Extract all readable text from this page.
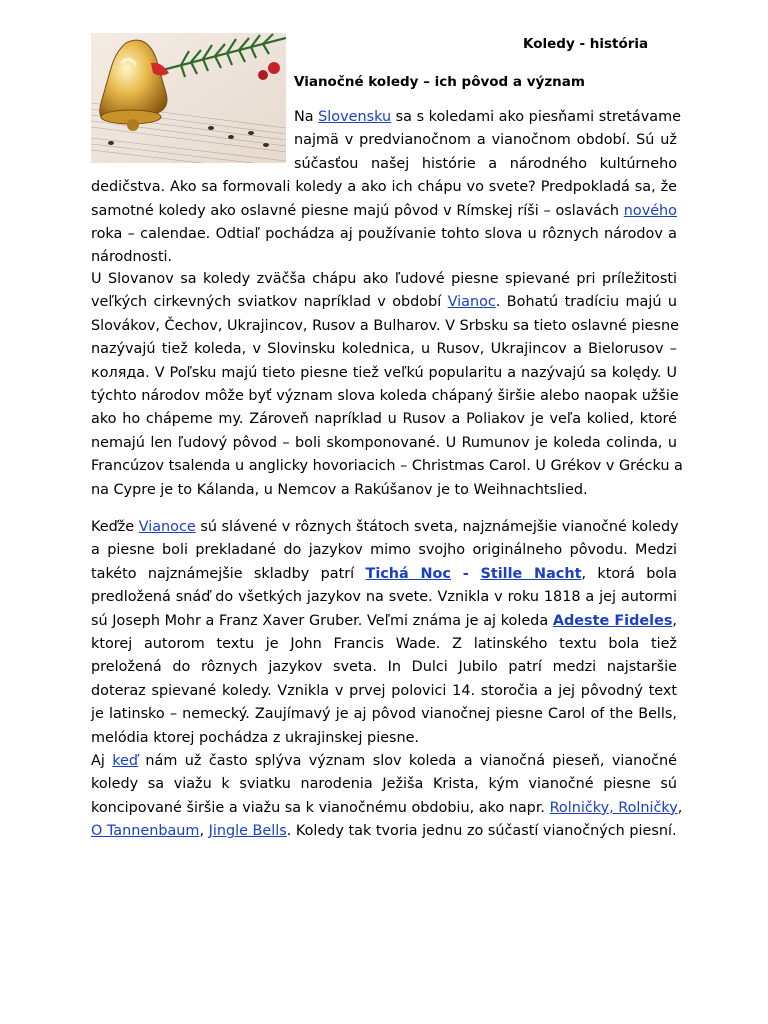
Koledy - história
Vianočné koledy – ich pôvod a význam
Na Slovensku sa s koledami ako piesňami stretávame
najmä v predvianočnom a vianočnom období. Sú už
súčasťou našej histórie a národného kultúrneho
dedičstva. Ako sa formovali koledy a ako ich chápu vo svete? Predpokladá sa, že
samotné koledy ako oslavné piesne majú pôvod v Rímskej ríši – oslavách nového
roka – calendae. Odtiaľ pochádza aj používanie tohto slova u rôznych národov a
národnosti.
U Slovanov sa koledy zväčša chápu ako ľudové piesne spievané pri príležitosti
veľkých cirkevných sviatkov napríklad v období Vianoc. Bohatú tradíciu majú u
Slovákov, Čechov, Ukrajincov, Rusov a Bulharov. V Srbsku sa tieto oslavné piesne
nazývajú tiež koleda, v Slovinsku kolednica, u Rusov, Ukrajincov a Bielorusov –
коляда. V Poľsku majú tieto piesne tiež veľkú popularitu a nazývajú sa kolędy. U
týchto národov môže byť význam slova koleda chápaný širšie alebo naopak užšie
ako ho chápeme my. Zároveň napríklad u Rusov a Poliakov je veľa kolied, ktoré
nemajú len ľudový pôvod – boli skomponované. U Rumunov je koleda colinda, u
Francúzov tsalenda u anglicky hovoriacich – Christmas Carol. U Grékov v Grécku a
na Cypre je to Kálanda, u Nemcov a Rakúšanov je to Weihnachtslied.
Keďže Vianoce sú slávené v rôznych štátoch sveta, najznámejšie vianočné koledy
a piesne boli prekladané do jazykov mimo svojho originálneho pôvodu. Medzi
takéto najznámejšie skladby patrí Tichá Noc - Stille Nacht, ktorá bola
predložená snáď do všetkých jazykov na svete. Vznikla v roku 1818 a jej autormi
sú Joseph Mohr a Franz Xaver Gruber. Veľmi známa je aj koleda Adeste Fideles,
ktorej autorom textu je John Francis Wade. Z latinského textu bola tiež
preložená do rôznych jazykov sveta. In Dulci Jubilo patrí medzi najstaršie
doteraz spievané koledy. Vznikla v prvej polovici 14. storočia a jej pôvodný text
je latinsko – nemecký. Zaujímavý je aj pôvod vianočnej piesne Carol of the Bells,
melódia ktorej pochádza z ukrajinskej piesne.
Aj keď nám už často splýva význam slov koleda a vianočná pieseň, vianočné
koledy sa viažu k sviatku narodenia Ježiša Krista, kým vianočné piesne sú
koncipované širšie a viažu sa k vianočnému obdobiu, ako napr. Rolničky, Rolničky,
O Tannenbaum, Jingle Bells. Koledy tak tvoria jednu zo súčastí vianočných piesní.
